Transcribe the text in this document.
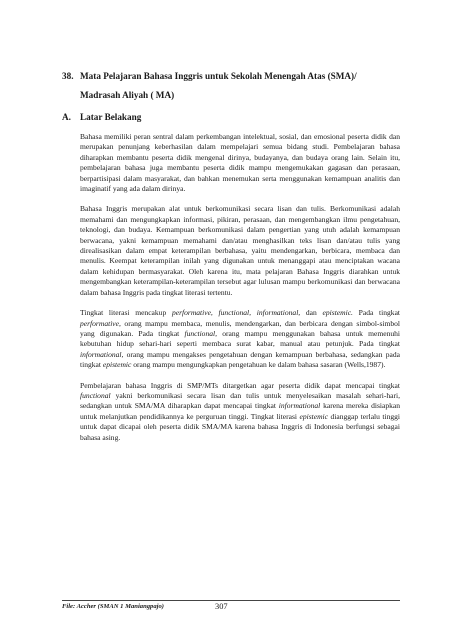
38. Mata Pelajaran Bahasa Inggris untuk Sekolah Menengah Atas (SMA)/
Madrasah Aliyah ( MA)
A. Latar Belakang

Bahasa memiliki peran sentral dalam perkembangan intelektual, sosial, dan emosional peserta didik dan merupakan penunjang keberhasilan dalam mempelajari semua bidang studi. Pembelajaran bahasa diharapkan membantu peserta didik mengenal dirinya, budayanya, dan budaya orang lain. Selain itu, pembelajaran bahasa juga membantu peserta didik mampu mengemukakan gagasan dan perasaan, berpartisipasi dalam masyarakat, dan bahkan menemukan serta menggunakan kemampuan analitis dan imaginatif yang ada dalam dirinya.

Bahasa Inggris merupakan alat untuk berkomunikasi secara lisan dan tulis. Berkomunikasi adalah memahami dan mengungkapkan informasi, pikiran, perasaan, dan mengembangkan ilmu pengetahuan, teknologi, dan budaya. Kemampuan berkomunikasi dalam pengertian yang utuh adalah kemampuan berwacana, yakni kemampuan memahami dan/atau menghasilkan teks lisan dan/atau tulis yang direalisasikan dalam empat keterampilan berbahasa, yaitu mendengarkan, berbicara, membaca dan menulis. Keempat keterampilan inilah yang digunakan untuk menanggapi atau menciptakan wacana dalam kehidupan bermasyarakat. Oleh karena itu, mata pelajaran Bahasa Inggris diarahkan untuk mengembangkan keterampilan-keterampilan tersebut agar lulusan mampu berkomunikasi dan berwacana dalam bahasa Inggris pada tingkat literasi tertentu.

Tingkat literasi mencakup performative, functional, informational, dan epistemic. Pada tingkat performative, orang mampu membaca, menulis, mendengarkan, dan berbicara dengan simbol-simbol yang digunakan. Pada tingkat functional, orang mampu menggunakan bahasa untuk memenuhi kebutuhan hidup sehari-hari seperti membaca surat kabar, manual atau petunjuk. Pada tingkat informational, orang mampu mengakses pengetahuan dengan kemampuan berbahasa, sedangkan pada tingkat epistemic orang mampu mengungkapkan pengetahuan ke dalam bahasa sasaran (Wells,1987).

Pembelajaran bahasa Inggris di SMP/MTs ditargetkan agar peserta didik dapat mencapai tingkat functional yakni berkomunikasi secara lisan dan tulis untuk menyelesaikan masalah sehari-hari, sedangkan untuk SMA/MA diharapkan dapat mencapai tingkat informational karena mereka disiapkan untuk melanjutkan pendidikannya ke perguruan tinggi. Tingkat literasi epistemic dianggap terlalu tinggi untuk dapat dicapai oleh peserta didik SMA/MA karena bahasa Inggris di Indonesia berfungsi sebagai bahasa asing.

File: Accher (SMAN 1 Maniangpajo)	307
